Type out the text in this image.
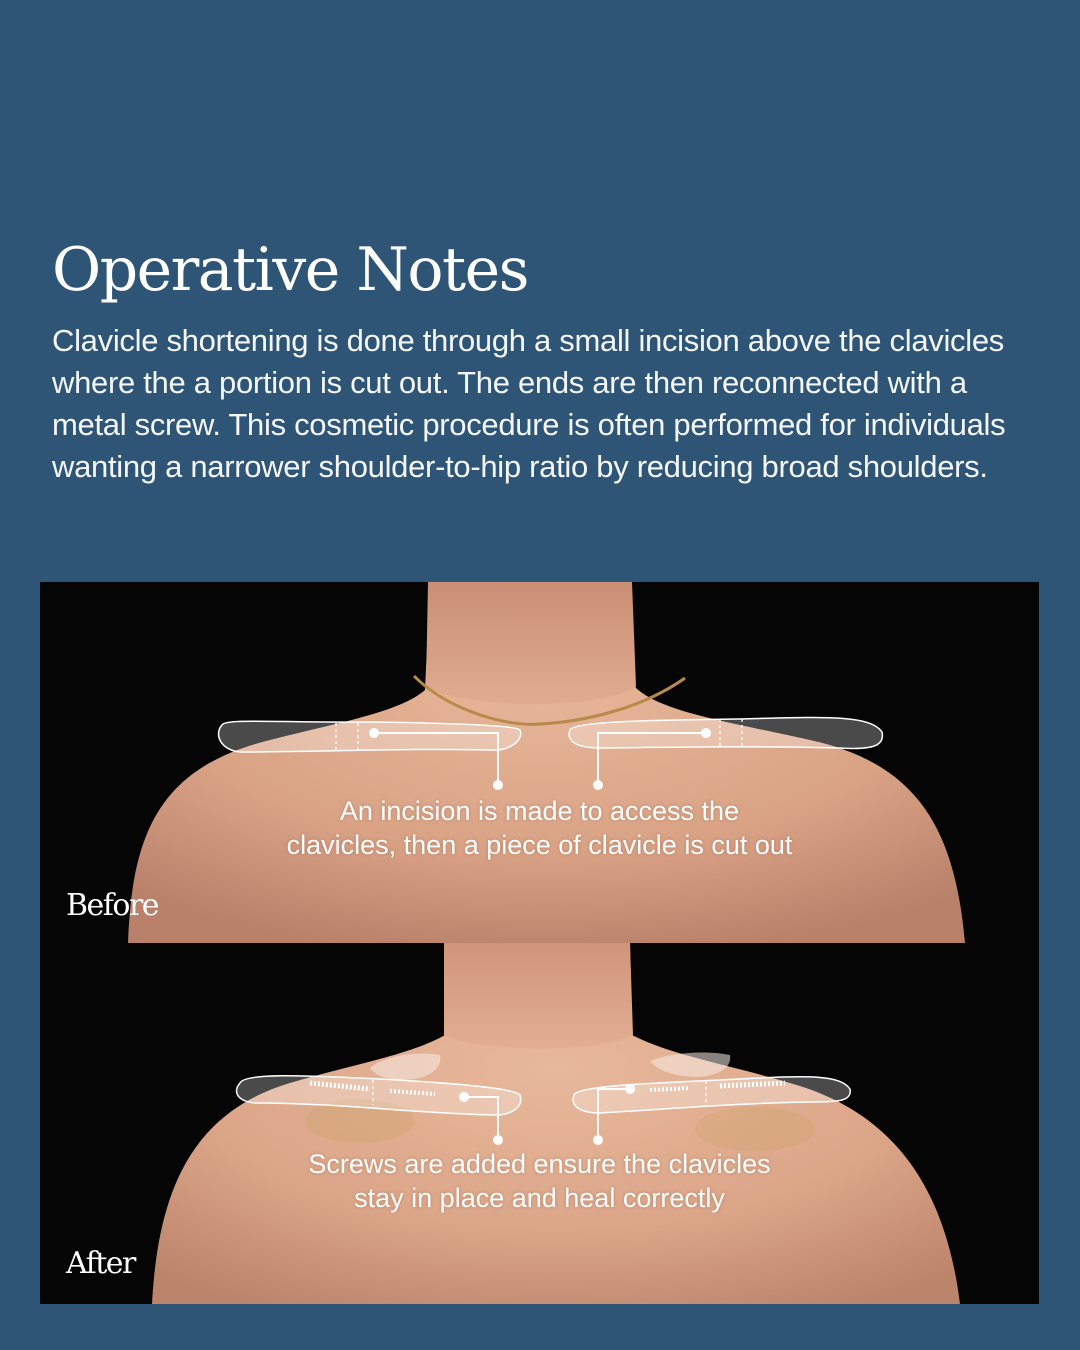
Operative Notes

Clavicle shortening is done through a small incision above the clavicles where the a portion is cut out. The ends are then reconnected with a metal screw. This cosmetic procedure is often performed for individuals wanting a narrower shoulder-to-hip ratio by reducing broad shoulders.

An incision is made to access the
clavicles, then a piece of clavicle is cut out
Before
Screws are added ensure the clavicles
stay in place and heal correctly
After
